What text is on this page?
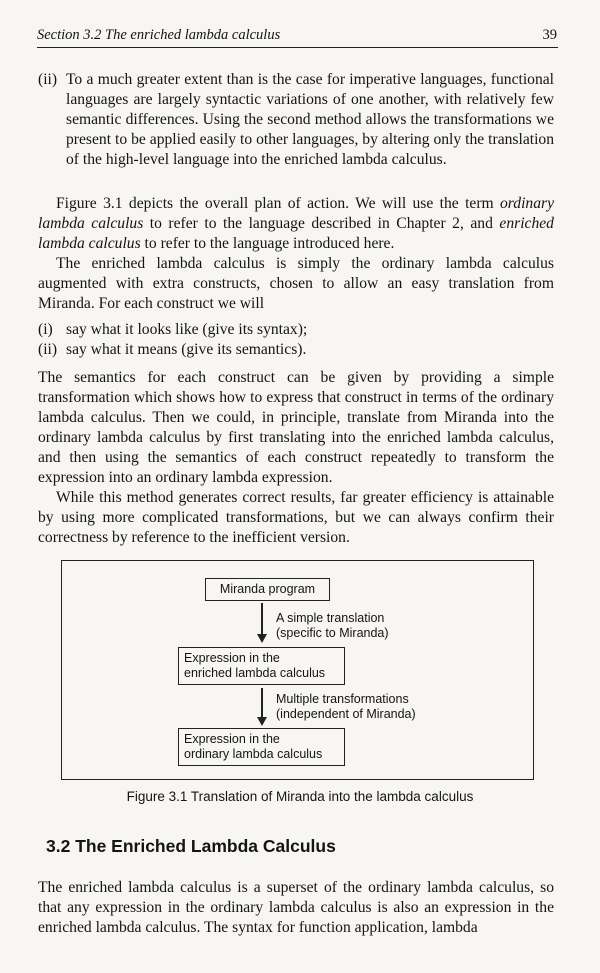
Section 3.2 The enriched lambda calculus	39
(ii) To a much greater extent than is the case for imperative languages, functional languages are largely syntactic variations of one another, with relatively few semantic differences. Using the second method allows the transformations we present to be applied easily to other languages, by altering only the translation of the high-level language into the enriched lambda calculus.
Figure 3.1 depicts the overall plan of action. We will use the term ordinary lambda calculus to refer to the language described in Chapter 2, and enriched lambda calculus to refer to the language introduced here.
The enriched lambda calculus is simply the ordinary lambda calculus augmented with extra constructs, chosen to allow an easy translation from Miranda. For each construct we will
(i) say what it looks like (give its syntax);
(ii) say what it means (give its semantics).
The semantics for each construct can be given by providing a simple transformation which shows how to express that construct in terms of the ordinary lambda calculus. Then we could, in principle, translate from Miranda into the ordinary lambda calculus by first translating into the enriched lambda calculus, and then using the semantics of each construct repeatedly to transform the expression into an ordinary lambda expression.
While this method generates correct results, far greater efficiency is attainable by using more complicated transformations, but we can always confirm their correctness by reference to the inefficient version.
Miranda program
A simple translation
(specific to Miranda)
Expression in the
enriched lambda calculus
Multiple transformations
(independent of Miranda)
Expression in the
ordinary lambda calculus
Figure 3.1 Translation of Miranda into the lambda calculus
3.2 The Enriched Lambda Calculus
The enriched lambda calculus is a superset of the ordinary lambda calculus, so that any expression in the ordinary lambda calculus is also an expression in the enriched lambda calculus. The syntax for function application, lambda
